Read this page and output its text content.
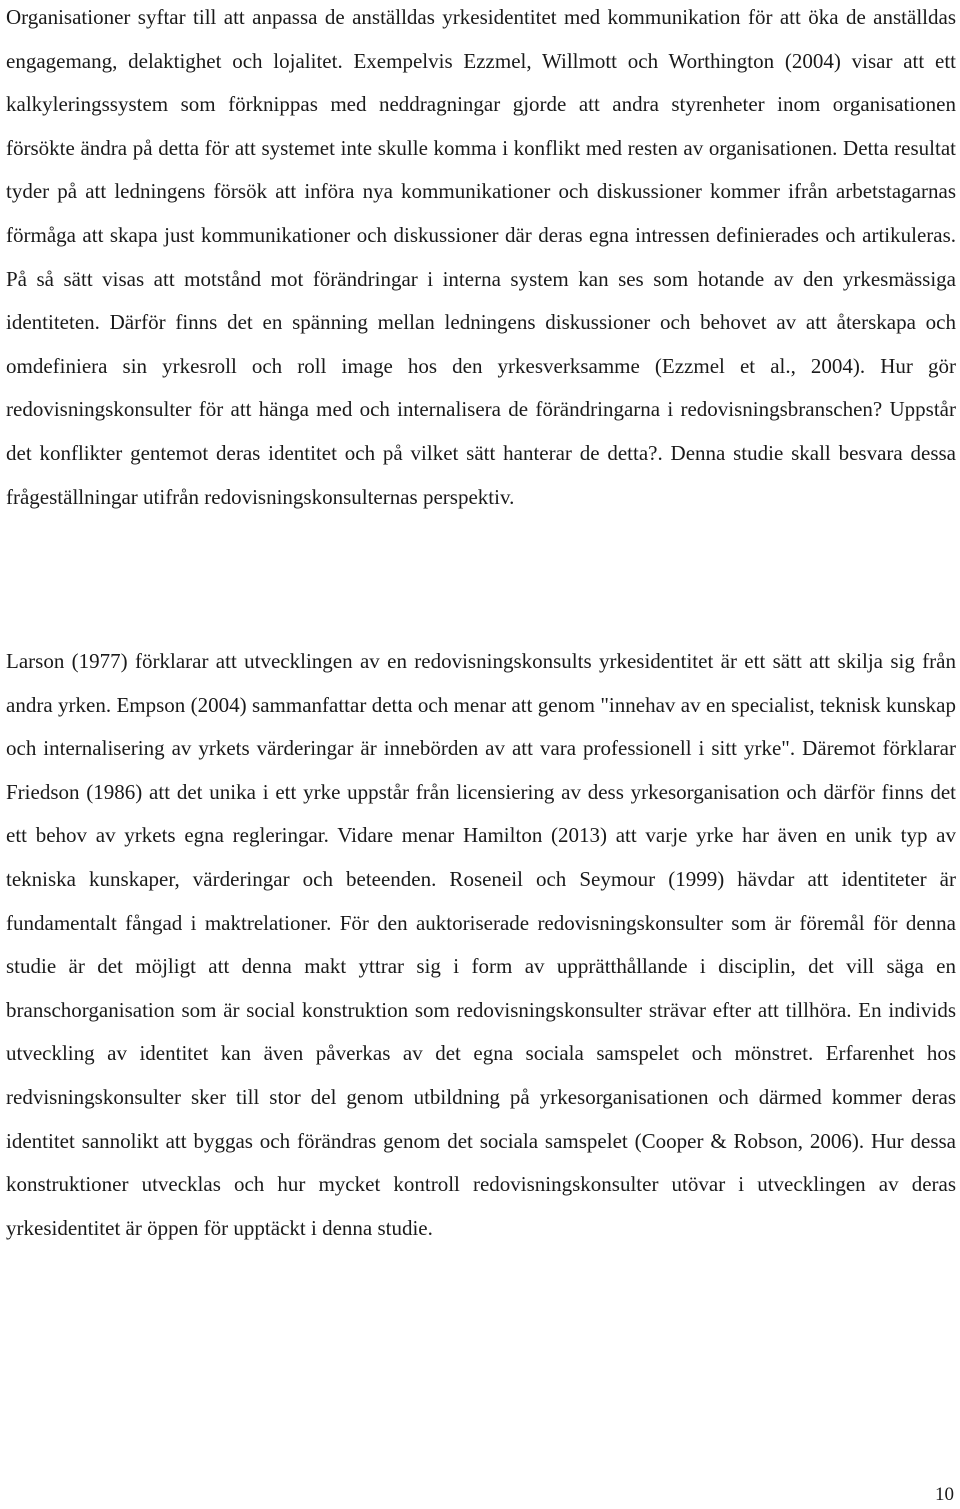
Organisationer syftar till att anpassa de anställdas yrkesidentitet med kommunikation för att öka de anställdas engagemang, delaktighet och lojalitet. Exempelvis Ezzmel, Willmott och Worthington (2004) visar att ett kalkyleringssystem som förknippas med neddragningar gjorde att andra styrenheter inom organisationen försökte ändra på detta för att systemet inte skulle komma i konflikt med resten av organisationen. Detta resultat tyder på att ledningens försök att införa nya kommunikationer och diskussioner kommer ifrån arbetstagarnas förmåga att skapa just kommunikationer och diskussioner där deras egna intressen definierades och artikuleras. På så sätt visas att motstånd mot förändringar i interna system kan ses som hotande av den yrkesmässiga identiteten. Därför finns det en spänning mellan ledningens diskussioner och behovet av att återskapa och omdefiniera sin yrkesroll och roll image hos den yrkesverksamme (Ezzmel et al., 2004). Hur gör redovisningskonsulter för att hänga med och internalisera de förändringarna i redovisningsbranschen? Uppstår det konflikter gentemot deras identitet och på vilket sätt hanterar de detta?. Denna studie skall besvara dessa frågeställningar utifrån redovisningskonsulternas perspektiv.

Larson (1977) förklarar att utvecklingen av en redovisningskonsults yrkesidentitet är ett sätt att skilja sig från andra yrken. Empson (2004) sammanfattar detta och menar att genom "innehav av en specialist, teknisk kunskap och internalisering av yrkets värderingar är innebörden av att vara professionell i sitt yrke". Däremot förklarar Friedson (1986) att det unika i ett yrke uppstår från licensiering av dess yrkesorganisation och därför finns det ett behov av yrkets egna regleringar. Vidare menar Hamilton (2013) att varje yrke har även en unik typ av tekniska kunskaper, värderingar och beteenden. Roseneil och Seymour (1999) hävdar att identiteter är fundamentalt fångad i maktrelationer. För den auktoriserade redovisningskonsulter som är föremål för denna studie är det möjligt att denna makt yttrar sig i form av upprätthållande i disciplin, det vill säga en branschorganisation som är social konstruktion som redovisningskonsulter strävar efter att tillhöra. En individs utveckling av identitet kan även påverkas av det egna sociala samspelet och mönstret. Erfarenhet hos redvisningskonsulter sker till stor del genom utbildning på yrkesorganisationen och därmed kommer deras identitet sannolikt att byggas och förändras genom det sociala samspelet (Cooper & Robson, 2006). Hur dessa konstruktioner utvecklas och hur mycket kontroll redovisningskonsulter utövar i utvecklingen av deras yrkesidentitet är öppen för upptäckt i denna studie.

10
